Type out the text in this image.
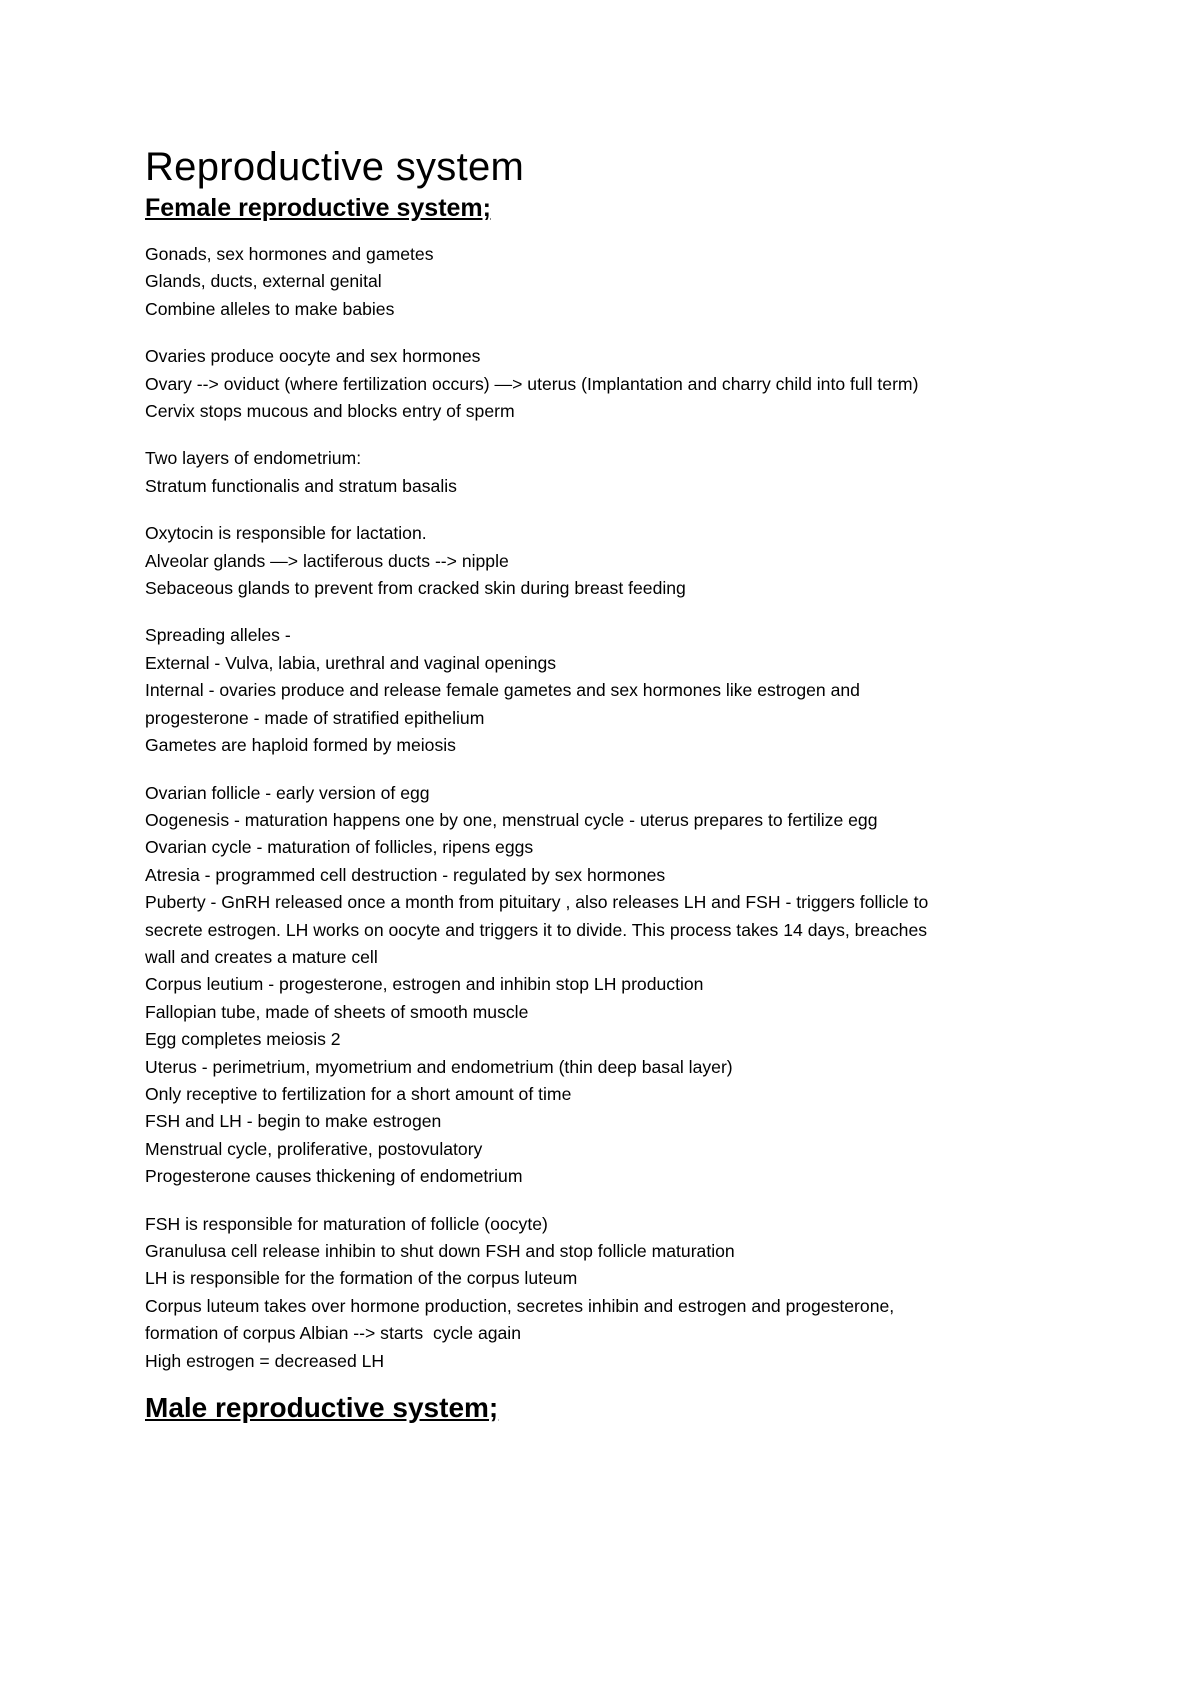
Reproductive system
Female reproductive system;

Gonads, sex hormones and gametes

Glands, ducts, external genital

Combine alleles to make babies

Ovaries produce oocyte and sex hormones

Ovary --> oviduct (where fertilization occurs) —> uterus (Implantation and charry child into full term)

Cervix stops mucous and blocks entry of sperm

Two layers of endometrium:

Stratum functionalis and stratum basalis

Oxytocin is responsible for lactation.

Alveolar glands —> lactiferous ducts --> nipple

Sebaceous glands to prevent from cracked skin during breast feeding

Spreading alleles -

External - Vulva, labia, urethral and vaginal openings

Internal - ovaries produce and release female gametes and sex hormones like estrogen and

progesterone - made of stratified epithelium

Gametes are haploid formed by meiosis

Ovarian follicle - early version of egg

Oogenesis - maturation happens one by one, menstrual cycle - uterus prepares to fertilize egg

Ovarian cycle - maturation of follicles, ripens eggs

Atresia - programmed cell destruction - regulated by sex hormones

Puberty - GnRH released once a month from pituitary , also releases LH and FSH - triggers follicle to

secrete estrogen. LH works on oocyte and triggers it to divide. This process takes 14 days, breaches

wall and creates a mature cell

Corpus leutium - progesterone, estrogen and inhibin stop LH production

Fallopian tube, made of sheets of smooth muscle

Egg completes meiosis 2

Uterus - perimetrium, myometrium and endometrium (thin deep basal layer)

Only receptive to fertilization for a short amount of time

FSH and LH - begin to make estrogen

Menstrual cycle, proliferative, postovulatory

Progesterone causes thickening of endometrium

FSH is responsible for maturation of follicle (oocyte)

Granulusa cell release inhibin to shut down FSH and stop follicle maturation

LH is responsible for the formation of the corpus luteum

Corpus luteum takes over hormone production, secretes inhibin and estrogen and progesterone,

formation of corpus Albian --> starts  cycle again

High estrogen = decreased LH

Male reproductive system;
